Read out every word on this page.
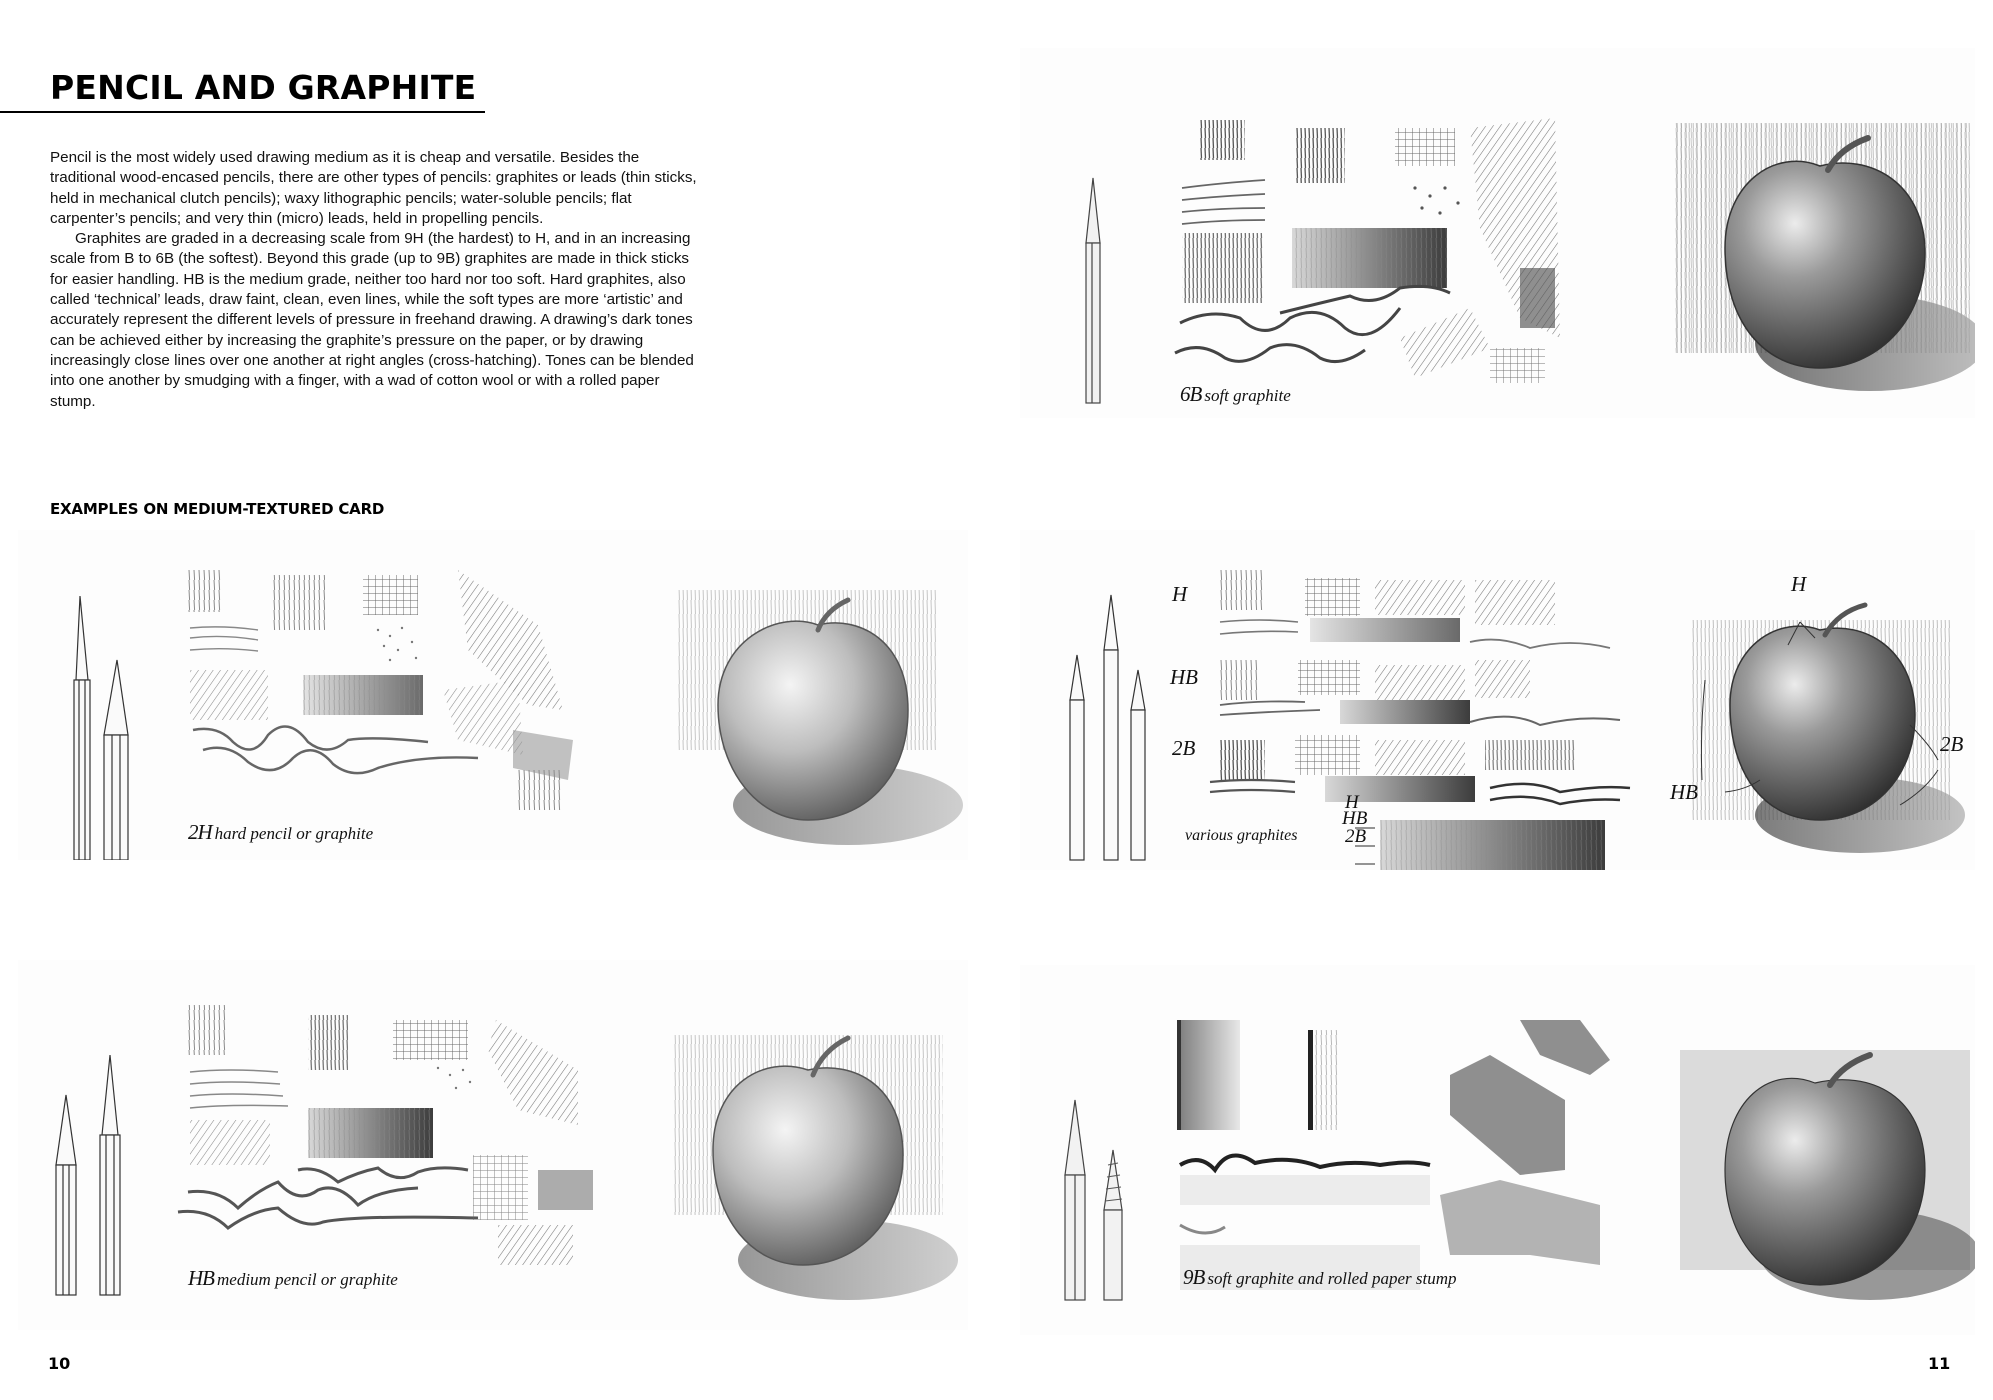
PENCIL AND GRAPHITE

Pencil is the most widely used drawing medium as it is cheap and versatile. Besides the traditional wood-encased pencils, there are other types of pencils: graphites or leads (thin sticks, held in mechanical clutch pencils); waxy lithographic pencils; water-soluble pencils; flat carpenter’s pencils; and very thin (micro) leads, held in propelling pencils.

Graphites are graded in a decreasing scale from 9H (the hardest) to H, and in an increasing scale from B to 6B (the softest). Beyond this grade (up to 9B) graphites are made in thick sticks for easier handling. HB is the medium grade, neither too hard nor too soft. Hard graphites, also called ‘technical’ leads, draw faint, clean, even lines, while the soft types are more ‘artistic’ and accurately represent the different levels of pressure in freehand drawing. A drawing’s dark tones can be achieved either by increasing the graphite’s pressure on the paper, or by drawing increasingly close lines over one another at right angles (cross-hatching). Tones can be blended into one another by smudging with a finger, with a wad of cotton wool or with a rolled paper stump.

EXAMPLES ON MEDIUM-TEXTURED CARD
2H hard pencil or graphite
HB medium pencil or graphite
6B soft graphite
H
HB
2B
H
HB
2B
various graphites
H
2B
HB
9B soft graphite and rolled paper stump
10	11
